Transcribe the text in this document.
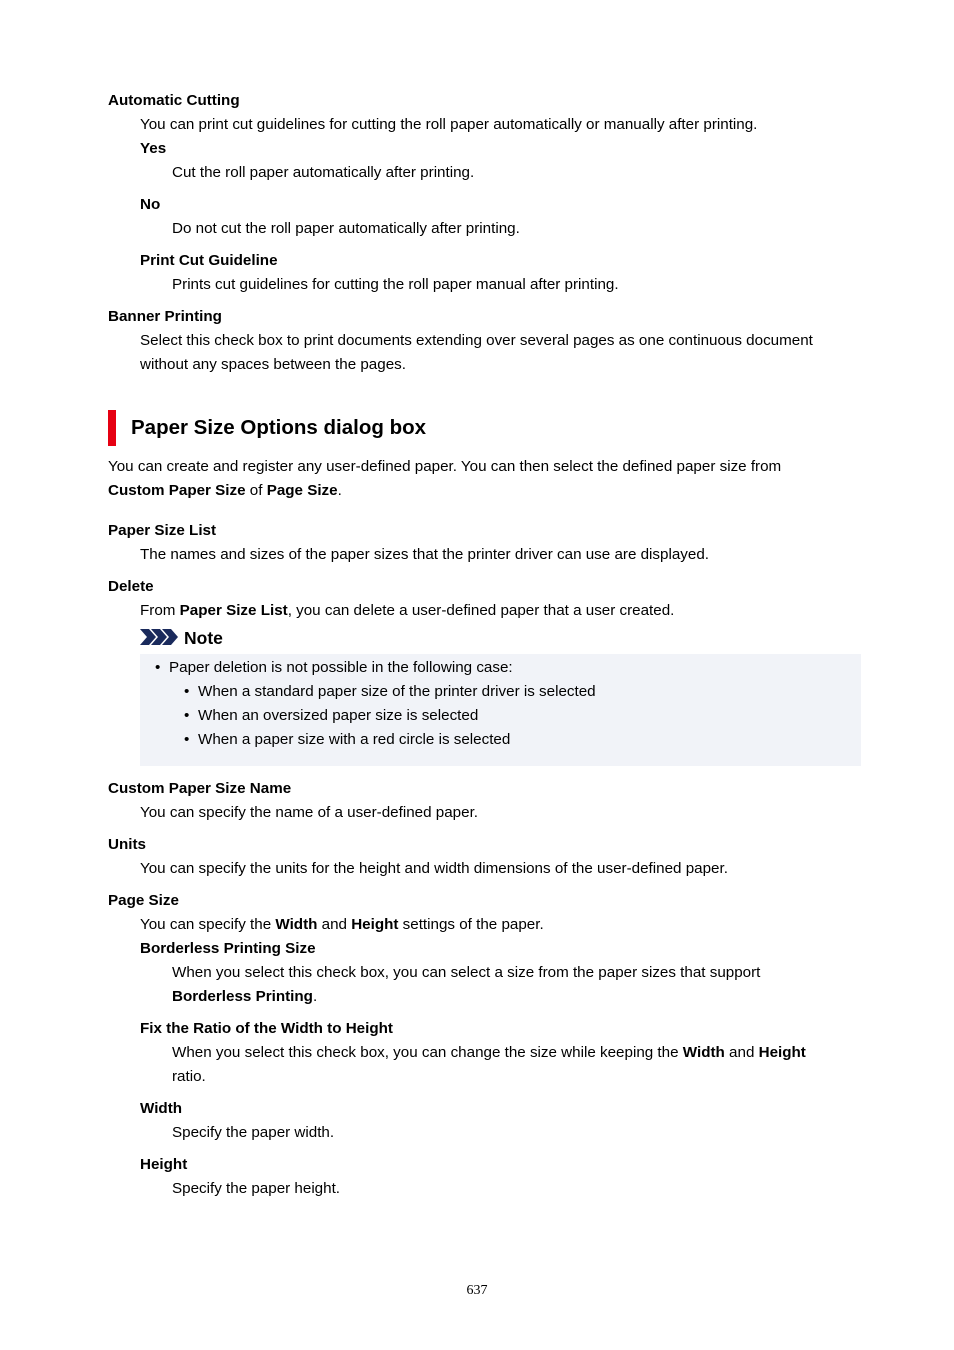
Automatic Cutting
You can print cut guidelines for cutting the roll paper automatically or manually after printing.
Yes
Cut the roll paper automatically after printing.
No
Do not cut the roll paper automatically after printing.
Print Cut Guideline
Prints cut guidelines for cutting the roll paper manual after printing.
Banner Printing
Select this check box to print documents extending over several pages as one continuous document
without any spaces between the pages.
Paper Size Options dialog box
You can create and register any user-defined paper. You can then select the defined paper size from
Custom Paper Size of Page Size.
Paper Size List
The names and sizes of the paper sizes that the printer driver can use are displayed.
Delete
From Paper Size List, you can delete a user-defined paper that a user created.
Note
• Paper deletion is not possible in the following case:
• When a standard paper size of the printer driver is selected
• When an oversized paper size is selected
• When a paper size with a red circle is selected
Custom Paper Size Name
You can specify the name of a user-defined paper.
Units
You can specify the units for the height and width dimensions of the user-defined paper.
Page Size
You can specify the Width and Height settings of the paper.
Borderless Printing Size
When you select this check box, you can select a size from the paper sizes that support
Borderless Printing.
Fix the Ratio of the Width to Height
When you select this check box, you can change the size while keeping the Width and Height
ratio.
Width
Specify the paper width.
Height
Specify the paper height.
637
